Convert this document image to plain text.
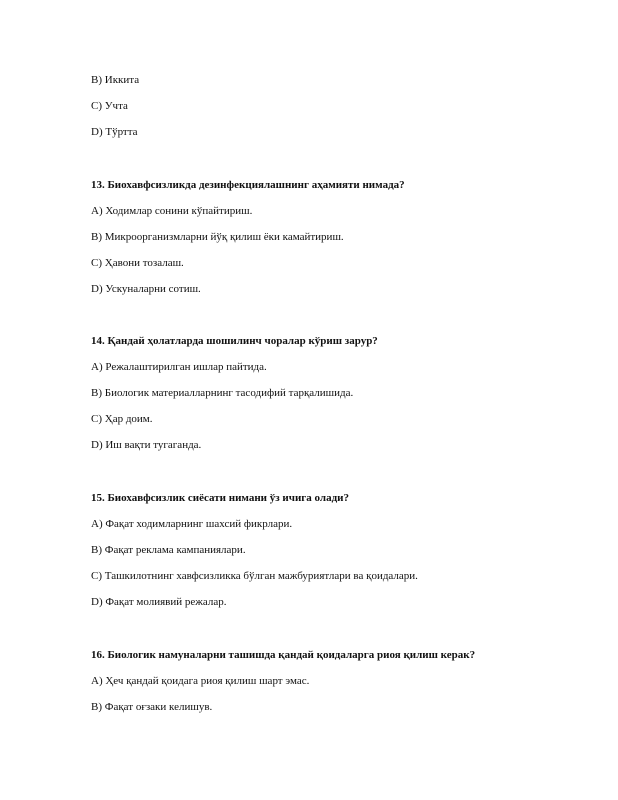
B) Иккита
C) Учта
D) Тўртта
13. Биохавфсизликда дезинфекциялашнинг аҳамияти нимада?
A) Ходимлар сонини кўпайтириш.
B) Микроорганизмларни йўқ қилиш ёки камайтириш.
C) Ҳавони тозалаш.
D) Ускуналарни сотиш.
14. Қандай ҳолатларда шошилинч чоралар кўриш зарур?
A) Режалаштирилган ишлар пайтида.
B) Биологик материалларнинг тасодифий тарқалишида.
C) Ҳар доим.
D) Иш вақти тугаганда.
15. Биохавфсизлик сиёсати нимани ўз ичига олади?
A) Фақат ходимларнинг шахсий фикрлари.
B) Фақат реклама кампаниялари.
C) Ташкилотнинг хавфсизликка бўлган мажбуриятлари ва қоидалари.
D) Фақат молиявий режалар.
16. Биологик намуналарни ташишда қандай қоидаларга риоя қилиш керак?
A) Ҳеч қандай қоидага риоя қилиш шарт эмас.
B) Фақат оғзаки келишув.
